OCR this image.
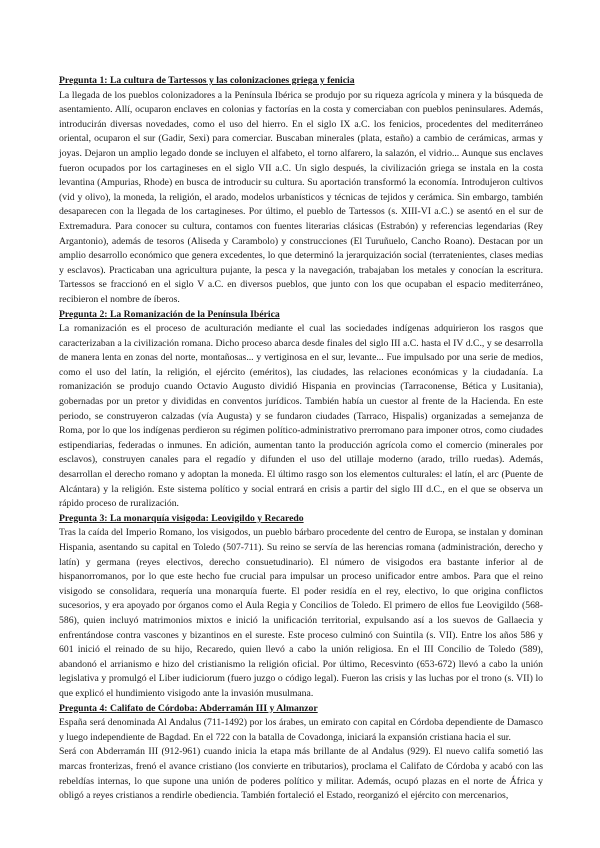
Pregunta 1: La cultura de Tartessos y las colonizaciones griega y fenicia

La llegada de los pueblos colonizadores a la Península Ibérica se produjo por su riqueza agrícola y minera y la búsqueda de asentamiento. Allí, ocuparon enclaves en colonias y factorías en la costa y comerciaban con pueblos peninsulares. Además, introducirán diversas novedades, como el uso del hierro. En el siglo IX a.C. los fenicios, procedentes del mediterráneo oriental, ocuparon el sur (Gadir, Sexi) para comerciar. Buscaban minerales (plata, estaño) a cambio de cerámicas, armas y joyas. Dejaron un amplio legado donde se incluyen el alfabeto, el torno alfarero, la salazón, el vidrio... Aunque sus enclaves fueron ocupados por los cartagineses en el siglo VII a.C. Un siglo después, la civilización griega se instala en la costa levantina (Ampurias, Rhode) en busca de introducir su cultura. Su aportación transformó la economía. Introdujeron cultivos (vid y olivo), la moneda, la religión, el arado, modelos urbanísticos y técnicas de tejidos y cerámica. Sin embargo, también desaparecen con la llegada de los cartagineses. Por último, el pueblo de Tartessos (s. XIII-VI a.C.) se asentó en el sur de Extremadura. Para conocer su cultura, contamos con fuentes literarias clásicas (Estrabón) y referencias legendarias (Rey Argantonio), además de tesoros (Aliseda y Carambolo) y construcciones (El Turuñuelo, Cancho Roano). Destacan por un amplio desarrollo económico que genera excedentes, lo que determinó la jerarquización social (terratenientes, clases medias y esclavos). Practicaban una agricultura pujante, la pesca y la navegación, trabajaban los metales y conocían la escritura. Tartessos se fraccionó en el siglo V a.C. en diversos pueblos, que junto con los que ocupaban el espacio mediterráneo, recibieron el nombre de íberos.

Pregunta 2: La Romanización de la Península Ibérica

La romanización es el proceso de aculturación mediante el cual las sociedades indígenas adquirieron los rasgos que caracterizaban a la civilización romana. Dicho proceso abarca desde finales del siglo III a.C. hasta el IV d.C., y se desarrolla de manera lenta en zonas del norte, montañosas... y vertiginosa en el sur, levante... Fue impulsado por una serie de medios, como el uso del latín, la religión, el ejército (eméritos), las ciudades, las relaciones económicas y la ciudadanía. La romanización se produjo cuando Octavio Augusto dividió Hispania en provincias (Tarraconense, Bética y Lusitania), gobernadas por un pretor y divididas en conventos jurídicos. También había un cuestor al frente de la Hacienda. En este periodo, se construyeron calzadas (vía Augusta) y se fundaron ciudades (Tarraco, Hispalis) organizadas a semejanza de Roma, por lo que los indígenas perdieron su régimen político-administrativo prerromano para imponer otros, como ciudades estipendiarias, federadas o inmunes. En adición, aumentan tanto la producción agrícola como el comercio (minerales por esclavos), construyen canales para el regadío y difunden el uso del utillaje moderno (arado, trillo ruedas). Además, desarrollan el derecho romano y adoptan la moneda. El último rasgo son los elementos culturales: el latín, el arc (Puente de Alcántara) y la religión. Este sistema político y social entrará en crisis a partir del siglo III d.C., en el que se observa un rápido proceso de ruralización.

Pregunta 3: La monarquía visigoda: Leovigildo y Recaredo

Tras la caída del Imperio Romano, los visigodos, un pueblo bárbaro procedente del centro de Europa, se instalan y dominan Hispania, asentando su capital en Toledo (507-711). Su reino se servía de las herencias romana (administración, derecho y latín) y germana (reyes electivos, derecho consuetudinario). El número de visigodos era bastante inferior al de hispanorromanos, por lo que este hecho fue crucial para impulsar un proceso unificador entre ambos. Para que el reino visigodo se consolidara, requería una monarquía fuerte. El poder residía en el rey, electivo, lo que origina conflictos sucesorios, y era apoyado por órganos como el Aula Regia y Concilios de Toledo. El primero de ellos fue Leovigildo (568-586), quien incluyó matrimonios mixtos e inició la unificación territorial, expulsando así a los suevos de Gallaecia y enfrentándose contra vascones y bizantinos en el sureste. Este proceso culminó con Suintila (s. VII). Entre los años 586 y 601 inició el reinado de su hijo, Recaredo, quien llevó a cabo la unión religiosa. En el III Concilio de Toledo (589), abandonó el arrianismo e hizo del cristianismo la religión oficial. Por último, Recesvinto (653-672) llevó a cabo la unión legislativa y promulgó el Liber iudiciorum (fuero juzgo o código legal). Fueron las crisis y las luchas por el trono (s. VII) lo que explicó el hundimiento visigodo ante la invasión musulmana.

Pregunta 4: Califato de Córdoba: Abderramán III y Almanzor

España será denominada Al Andalus (711-1492) por los árabes, un emirato con capital en Córdoba dependiente de Damasco y luego independiente de Bagdad. En el 722 con la batalla de Covadonga, iniciará la expansión cristiana hacia el sur.

Será con Abderramán III (912-961) cuando inicia la etapa más brillante de al Andalus (929). El nuevo califa sometió las marcas fronterizas, frenó el avance cristiano (los convierte en tributarios), proclama el Califato de Córdoba y acabó con las rebeldías internas, lo que supone una unión de poderes político y militar. Además, ocupó plazas en el norte de África y obligó a reyes cristianos a rendirle obediencia. También fortaleció el Estado, reorganizó el ejército con mercenarios,
